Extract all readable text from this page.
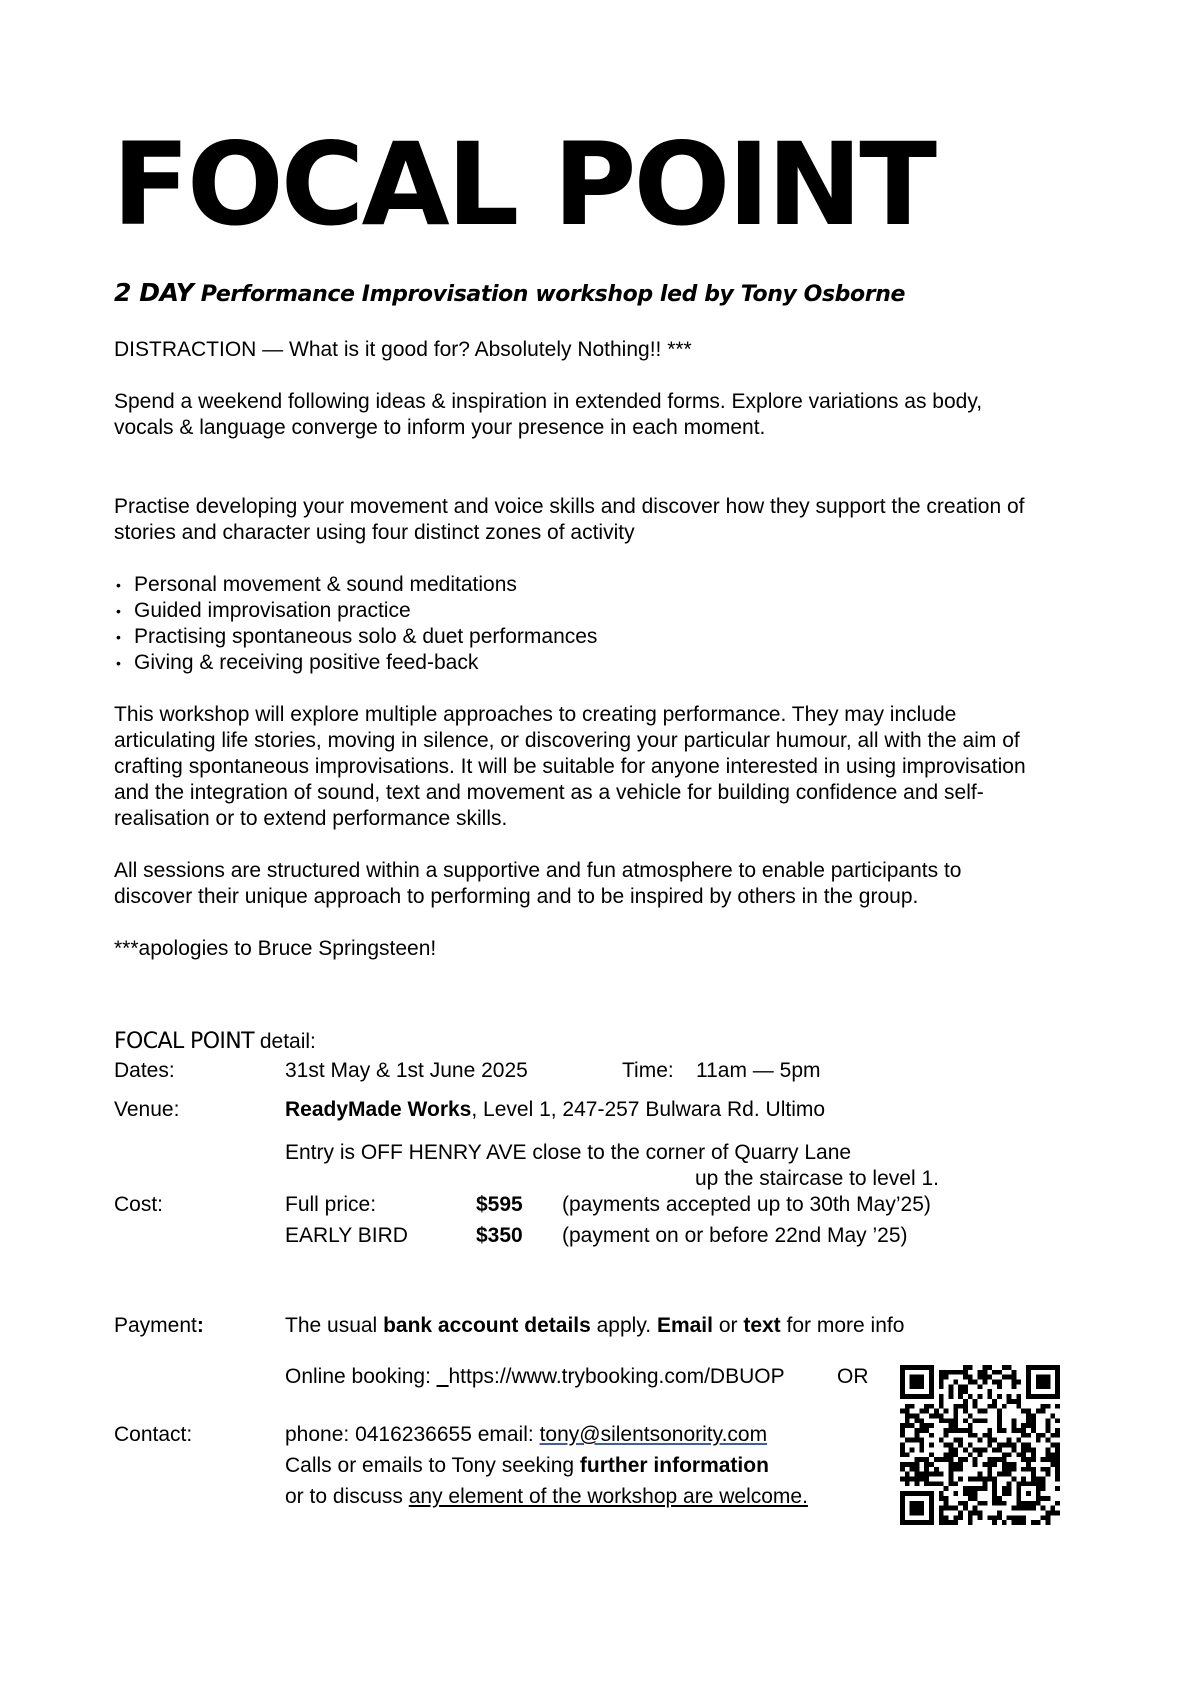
FOCAL POINT

2 DAY Performance Improvisation workshop led by Tony Osborne

DISTRACTION — What is it good for? Absolutely Nothing!! ***

Spend a weekend following ideas & inspiration in extended forms. Explore variations as body,

vocals & language converge to inform your presence in each moment.

Practise developing your movement and voice skills and discover how they support the creation of

stories and character using four distinct zones of activity

• Personal movement & sound meditations
• Guided improvisation practice
• Practising spontaneous solo & duet performances
• Giving & receiving positive feed-back

This workshop will explore multiple approaches to creating performance. They may include

articulating life stories, moving in silence, or discovering your particular humour, all with the aim of

crafting spontaneous improvisations. It will be suitable for anyone interested in using improvisation

and the integration of sound, text and movement as a vehicle for building confidence and self-

realisation or to extend performance skills.

All sessions are structured within a supportive and fun atmosphere to enable participants to

discover their unique approach to performing and to be inspired by others in the group.

***apologies to Bruce Springsteen!

FOCAL POINT detail:
Dates:	31st May & 1st June 2025	Time: 11am — 5pm
Venue:	ReadyMade Works, Level 1, 247-257 Bulwara Rd. Ultimo
Entry is OFF HENRY AVE close to the corner of Quarry Lane
up the staircase to level 1.
Cost:	Full price:	$595 (payments accepted up to 30th May’25)
EARLY BIRD	$350 (payment on or before 22nd May ’25)
Payment:	The usual bank account details apply. Email or text for more info
Online booking: _https://www.trybooking.com/DBUOP OR
Contact:	phone: 0416236655 email: tony@silentsonority.com
Calls or emails to Tony seeking further information
or to discuss any element of the workshop are welcome.
